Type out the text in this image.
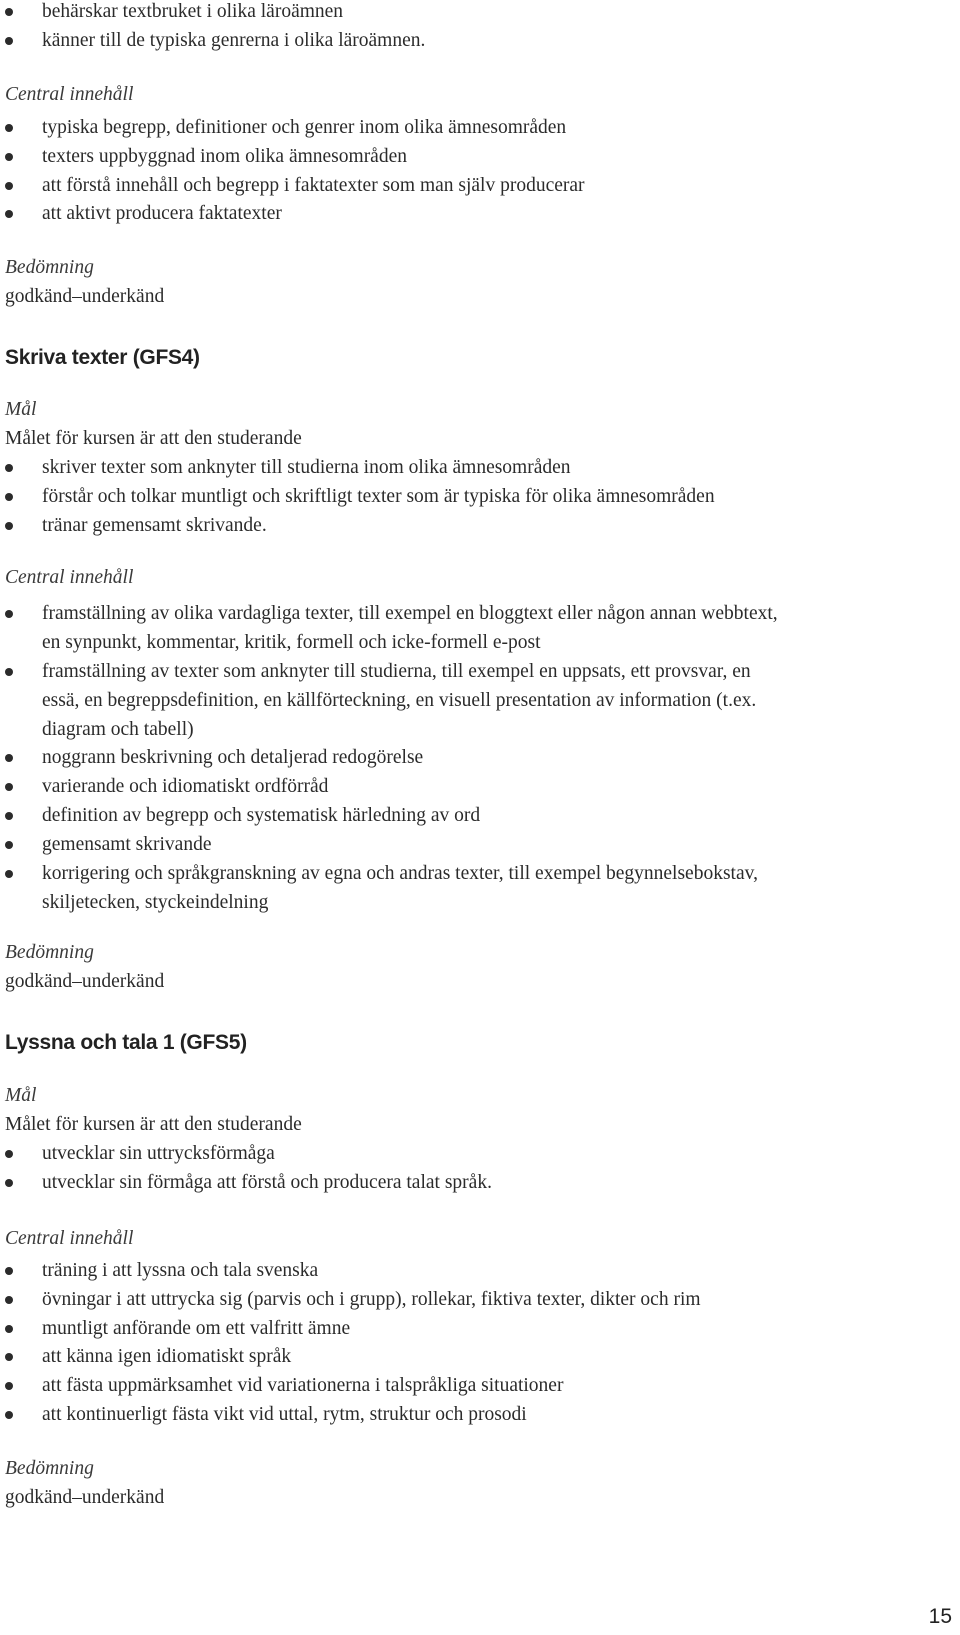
behärskar textbruket i olika läroämnen
känner till de typiska genrerna i olika läroämnen.
Central innehåll
typiska begrepp, definitioner och genrer inom olika ämnesområden
texters uppbyggnad inom olika ämnesområden
att förstå innehåll och begrepp i faktatexter som man själv producerar
att aktivt producera faktatexter
Bedömning
godkänd–underkänd
Skriva texter (GFS4)
Mål
Målet för kursen är att den studerande
skriver texter som anknyter till studierna inom olika ämnesområden
förstår och tolkar muntligt och skriftligt texter som är typiska för olika ämnesområden
tränar gemensamt skrivande.
Central innehåll
framställning av olika vardagliga texter, till exempel en bloggtext eller någon annan webbtext,
en synpunkt, kommentar, kritik, formell och icke-formell e-post
framställning av texter som anknyter till studierna, till exempel en uppsats, ett provsvar, en
essä, en begreppsdefinition, en källförteckning, en visuell presentation av information (t.ex.
diagram och tabell)
noggrann beskrivning och detaljerad redogörelse
varierande och idiomatiskt ordförråd
definition av begrepp och systematisk härledning av ord
gemensamt skrivande
korrigering och språkgranskning av egna och andras texter, till exempel begynnelsebokstav,
skiljetecken, styckeindelning
Bedömning
godkänd–underkänd
Lyssna och tala 1 (GFS5)
Mål
Målet för kursen är att den studerande
utvecklar sin uttrycksförmåga
utvecklar sin förmåga att förstå och producera talat språk.
Central innehåll
träning i att lyssna och tala svenska
övningar i att uttrycka sig (parvis och i grupp), rollekar, fiktiva texter, dikter och rim
muntligt anförande om ett valfritt ämne
att känna igen idiomatiskt språk
att fästa uppmärksamhet vid variationerna i talspråkliga situationer
att kontinuerligt fästa vikt vid uttal, rytm, struktur och prosodi
Bedömning
godkänd–underkänd
15
